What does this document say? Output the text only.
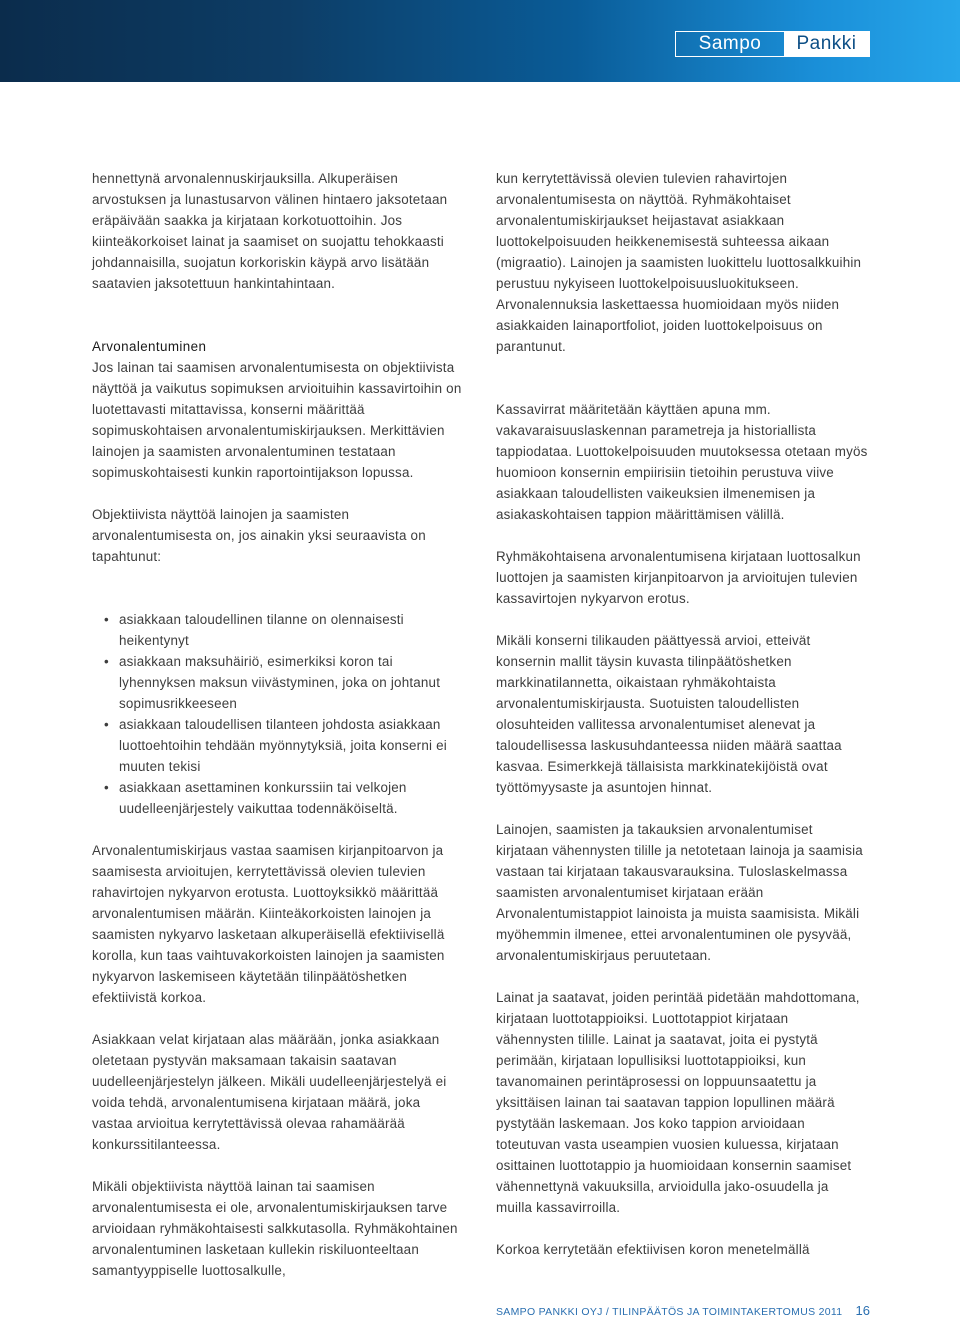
Sampo	Pankki

hennettynä arvonalennuskirjauksilla. Alkuperäisen arvostuksen ja lunastusarvon välinen hintaero jaksotetaan eräpäivään saakka ja kirjataan korkotuottoihin. Jos kiinteäkorkoiset lainat ja saamiset on suojattu tehokkaasti johdannaisilla, suojatun korkoriskin käypä arvo lisätään saatavien jaksotettuun hankintahintaan.

Arvonalentuminen

Jos lainan tai saamisen arvonalentumisesta on objektiivista näyttöä ja vaikutus sopimuksen arvioituihin kassavirtoihin on luotettavasti mitattavissa, konserni määrittää sopimuskohtaisen arvonalentumiskirjauksen. Merkittävien lainojen ja saamisten arvonalentuminen testataan sopimuskohtaisesti kunkin raportointijakson lopussa.

Objektiivista näyttöä lainojen ja saamisten arvonalentumisesta on, jos ainakin yksi seuraavista on tapahtunut:

• asiakkaan taloudellinen tilanne on olennaisesti heikentynyt
• asiakkaan maksuhäiriö, esimerkiksi koron tai lyhennyksen maksun viivästyminen, joka on johtanut sopimusrikkeeseen
• asiakkaan taloudellisen tilanteen johdosta asiakkaan luottoehtoihin tehdään myönnytyksiä, joita konserni ei muuten tekisi
• asiakkaan asettaminen konkurssiin tai velkojen uudelleenjärjestely vaikuttaa todennäköiseltä.

Arvonalentumiskirjaus vastaa saamisen kirjanpitoarvon ja saamisesta arvioitujen, kerrytettävissä olevien tulevien rahavirtojen nykyarvon erotusta. Luottoyksikkö määrittää arvonalentumisen määrän. Kiinteäkorkoisten lainojen ja saamisten nykyarvo lasketaan alkuperäisellä efektiivisellä korolla, kun taas vaihtuvakorkoisten lainojen ja saamisten nykyarvon laskemiseen käytetään tilinpäätöshetken efektiivistä korkoa.

Asiakkaan velat kirjataan alas määrään, jonka asiakkaan oletetaan pystyvän maksamaan takaisin saatavan uudelleenjärjestelyn jälkeen. Mikäli uudelleenjärjestelyä ei voida tehdä, arvonalentumisena kirjataan määrä, joka vastaa arvioitua kerrytettävissä olevaa rahamäärää konkurssitilanteessa.

Mikäli objektiivista näyttöä lainan tai saamisen arvonalentumisesta ei ole, arvonalentumiskirjauksen tarve arvioidaan ryhmäkohtaisesti salkkutasolla. Ryhmäkohtainen arvonalentuminen lasketaan kullekin riskiluonteeltaan samantyyppiselle luottosalkulle,

kun kerrytettävissä olevien tulevien rahavirtojen arvonalentumisesta on näyttöä. Ryhmäkohtaiset arvonalentumiskirjaukset heijastavat asiakkaan luottokelpoisuuden heikkenemisestä suhteessa aikaan (migraatio). Lainojen ja saamisten luokittelu luottosalkkuihin perustuu nykyiseen luottokelpoisuusluokitukseen. Arvonalennuksia laskettaessa huomioidaan myös niiden asiakkaiden lainaportfoliot, joiden luottokelpoisuus on parantunut.

Kassavirrat määritetään käyttäen apuna mm. vakavaraisuuslaskennan parametreja ja historiallista tappiodataa. Luottokelpoisuuden muutoksessa otetaan myös huomioon konsernin empiirisiin tietoihin perustuva viive asiakkaan taloudellisten vaikeuksien ilmenemisen ja asiakaskohtaisen tappion määrittämisen välillä.

Ryhmäkohtaisena arvonalentumisena kirjataan luottosalkun luottojen ja saamisten kirjanpitoarvon ja arvioitujen tulevien kassavirtojen nykyarvon erotus.

Mikäli konserni tilikauden päättyessä arvioi, etteivät konsernin mallit täysin kuvasta tilinpäätöshetken markkinatilannetta, oikaistaan ryhmäkohtaista arvonalentumiskirjausta. Suotuisten taloudellisten olosuhteiden vallitessa arvonalentumiset alenevat ja taloudellisessa laskusuhdanteessa niiden määrä saattaa kasvaa. Esimerkkejä tällaisista markkinatekijöistä ovat työttömyysaste ja asuntojen hinnat.

Lainojen, saamisten ja takauksien arvonalentumiset kirjataan vähennysten tilille ja netotetaan lainoja ja saamisia vastaan tai kirjataan takausvarauksina. Tuloslaskelmassa saamisten arvonalentumiset kirjataan erään Arvonalentumistappiot lainoista ja muista saamisista. Mikäli myöhemmin ilmenee, ettei arvonalentuminen ole pysyvää, arvonalentumiskirjaus peruutetaan.

Lainat ja saatavat, joiden perintää pidetään mahdottomana, kirjataan luottotappioiksi. Luottotappiot kirjataan vähennysten tilille. Lainat ja saatavat, joita ei pystytä perimään, kirjataan lopullisiksi luottotappioiksi, kun tavanomainen perintäprosessi on loppuunsaatettu ja yksittäisen lainan tai saatavan tappion lopullinen määrä pystytään laskemaan. Jos koko tappion arvioidaan toteutuvan vasta useampien vuosien kuluessa, kirjataan osittainen luottotappio ja huomioidaan konsernin saamiset vähennettynä vakuuksilla, arvioidulla jako-osuudella ja muilla kassavirroilla.

Korkoa kerrytetään efektiivisen koron menetelmällä

SAMPO PANKKI OYJ / TILINPÄÄTÖS JA TOIMINTAKERTOMUS 2011 16
